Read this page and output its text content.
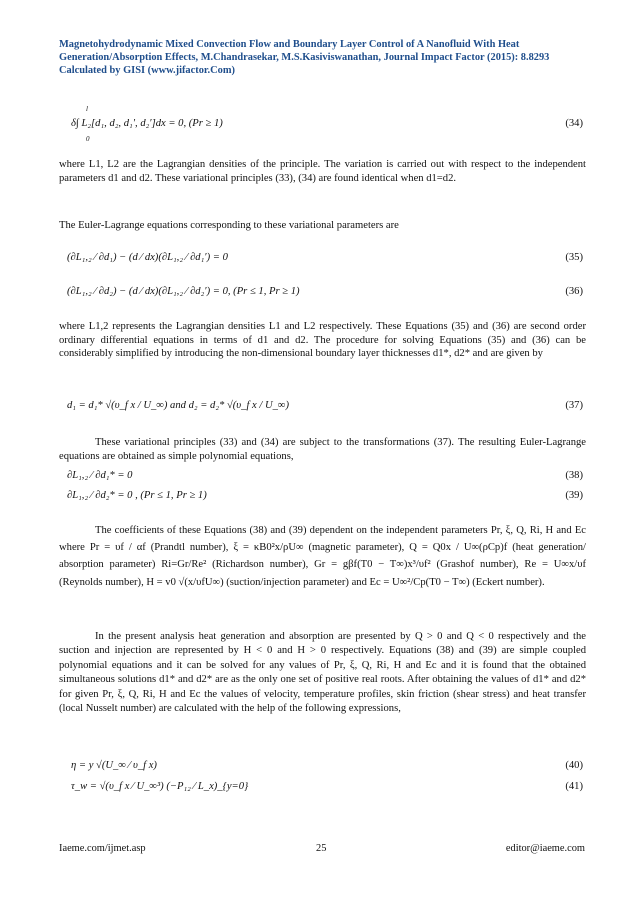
Magnetohydrodynamic Mixed Convection Flow and Boundary Layer Control of A Nanofluid With Heat
Generation/Absorption Effects, M.Chandrasekar, M.S.Kasiviswanathan, Journal Impact Factor (2015): 8.8293
Calculated by GISI (www.jifactor.Com)
l
0
δ∫ L₂[d₁, d₂, d₁′, d₂′]dx = 0, (Pr ≥ 1)	(34)
where L1, L2 are the Lagrangian densities of the principle. The variation is carried out with respect to the independent parameters d1 and d2. These variational principles (33), (34) are found identical when d1=d2.
The Euler-Lagrange equations corresponding to these variational parameters are
(∂L₁,₂ ⁄ ∂d₁) − (d ⁄ dx)(∂L₁,₂ ⁄ ∂d₁′) = 0	(35)
(∂L₁,₂ ⁄ ∂d₂) − (d ⁄ dx)(∂L₁,₂ ⁄ ∂d₂′) = 0, (Pr ≤ 1, Pr ≥ 1)	(36)
where L1,2 represents the Lagrangian densities L1 and L2 respectively. These Equations (35) and (36) are second order ordinary differential equations in terms of d1 and d2. The procedure for solving Equations (35) and (36) can be considerably simplified by introducing the non-dimensional boundary layer thicknesses d1*, d2* and are given by
d₁ = d₁* √(υ_f x / U_∞) and d₂ = d₂* √(υ_f x / U_∞)	(37)
These variational principles (33) and (34) are subject to the transformations (37). The resulting Euler-Lagrange equations are obtained as simple polynomial equations,
∂L₁,₂ ⁄ ∂d₁* = 0	(38)
∂L₁,₂ ⁄ ∂d₂* = 0 , (Pr ≤ 1, Pr ≥ 1)	(39)
The coefficients of these Equations (38) and (39) dependent on the independent parameters Pr, ξ, Q, Ri, H and Ec where Pr = υf / αf (Prandtl number), ξ = κB0²x/ρU∞ (magnetic parameter), Q = Q0x / U∞(ρCp)f (heat generation/ absorption parameter) Ri=Gr/Re² (Richardson number), Gr = gβf(T0 − T∞)x³/υf² (Grashof number), Re = U∞x/υf (Reynolds number), H = v0 √(x/υfU∞) (suction/injection parameter) and Ec = U∞²/Cp(T0 − T∞) (Eckert number).
In the present analysis heat generation and absorption are presented by Q > 0 and Q < 0 respectively and the suction and injection are represented by H < 0 and H > 0 respectively. Equations (38) and (39) are simple coupled polynomial equations and it can be solved for any values of Pr, ξ, Q, Ri, H and Ec and it is found that the obtained simultaneous solutions d1* and d2* are as the only one set of positive real roots. After obtaining the values of d1* and d2* for given Pr, ξ, Q, Ri, H and Ec the values of velocity, temperature profiles, skin friction (shear stress) and heat transfer (local Nusselt number) are calculated with the help of the following expressions,
η = y √(U_∞ ⁄ υ_f x)	(40)
τ_w = √(υ_f x ⁄ U_∞³) (−P₁₂ ⁄ L_x)_{y=0}	(41)
Iaeme.com/ijmet.asp	25	editor@iaeme.com
